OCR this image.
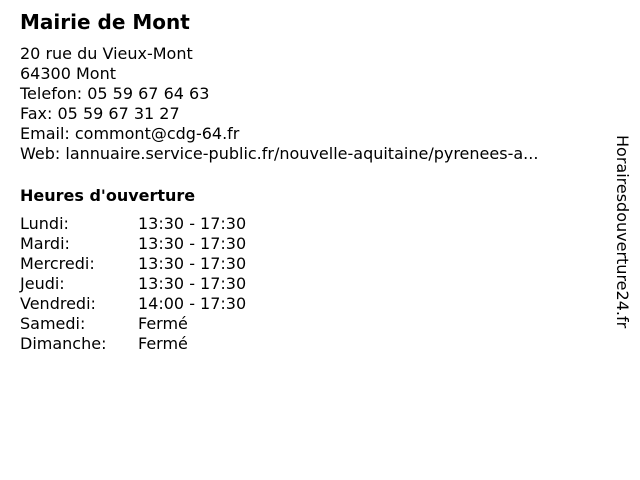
Mairie de Mont
20 rue du Vieux-Mont
64300 Mont
Telefon: 05 59 67 64 63
Fax: 05 59 67 31 27
Email: commont@cdg-64.fr
Web: lannuaire.service-public.fr/nouvelle-aquitaine/pyrenees-a...
Heures d'ouverture
Lundi:	13:30 - 17:30
Mardi:	13:30 - 17:30
Mercredi:	13:30 - 17:30
Jeudi:	13:30 - 17:30
Vendredi:	14:00 - 17:30
Samedi:	Fermé
Dimanche:	Fermé
Horairesdouverture24.fr
